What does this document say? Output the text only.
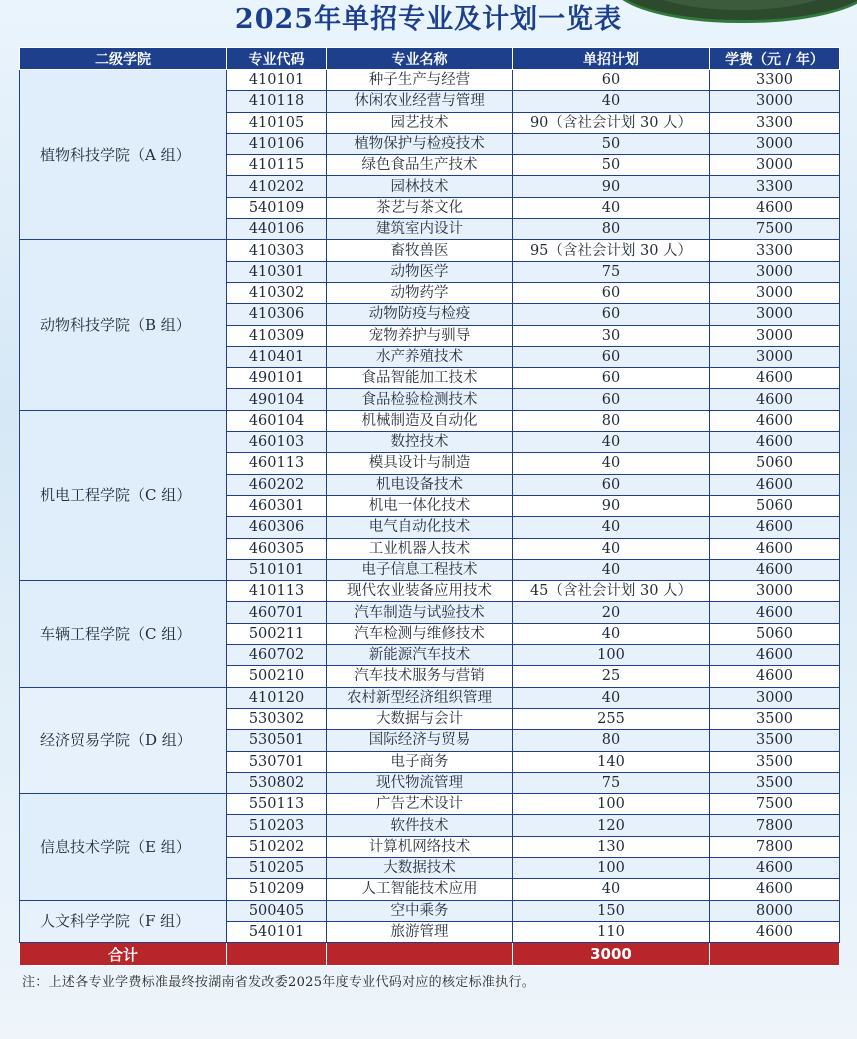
2025年单招专业及计划一览表
二级学院	专业代码	专业名称	单招计划	学费（元 / 年）
植物科技学院（A 组）	410101	种子生产与经营	60	3300
	410118	休闲农业经营与管理	40	3000
	410105	园艺技术	90（含社会计划 30 人）	3300
	410106	植物保护与检疫技术	50	3000
	410115	绿色食品生产技术	50	3000
	410202	园林技术	90	3300
	540109	茶艺与茶文化	40	4600
	440106	建筑室内设计	80	7500
动物科技学院（B 组）	410303	畜牧兽医	95（含社会计划 30 人）	3300
	410301	动物医学	75	3000
	410302	动物药学	60	3000
	410306	动物防疫与检疫	60	3000
	410309	宠物养护与驯导	30	3000
	410401	水产养殖技术	60	3000
	490101	食品智能加工技术	60	4600
	490104	食品检验检测技术	60	4600
机电工程学院（C 组）	460104	机械制造及自动化	80	4600
	460103	数控技术	40	4600
	460113	模具设计与制造	40	5060
	460202	机电设备技术	60	4600
	460301	机电一体化技术	90	5060
	460306	电气自动化技术	40	4600
	460305	工业机器人技术	40	4600
	510101	电子信息工程技术	40	4600
车辆工程学院（C 组）	410113	现代农业装备应用技术	45（含社会计划 30 人）	3000
	460701	汽车制造与试验技术	20	4600
	500211	汽车检测与维修技术	40	5060
	460702	新能源汽车技术	100	4600
	500210	汽车技术服务与营销	25	4600
经济贸易学院（D 组）	410120	农村新型经济组织管理	40	3000
	530302	大数据与会计	255	3500
	530501	国际经济与贸易	80	3500
	530701	电子商务	140	3500
	530802	现代物流管理	75	3500
信息技术学院（E 组）	550113	广告艺术设计	100	7500
	510203	软件技术	120	7800
	510202	计算机网络技术	130	7800
	510205	大数据技术	100	4600
	510209	人工智能技术应用	40	4600
人文科学学院（F 组）	500405	空中乘务	150	8000
	540101	旅游管理	110	4600
合计			3000	
注：上述各专业学费标准最终按湖南省发改委2025年度专业代码对应的核定标准执行。
